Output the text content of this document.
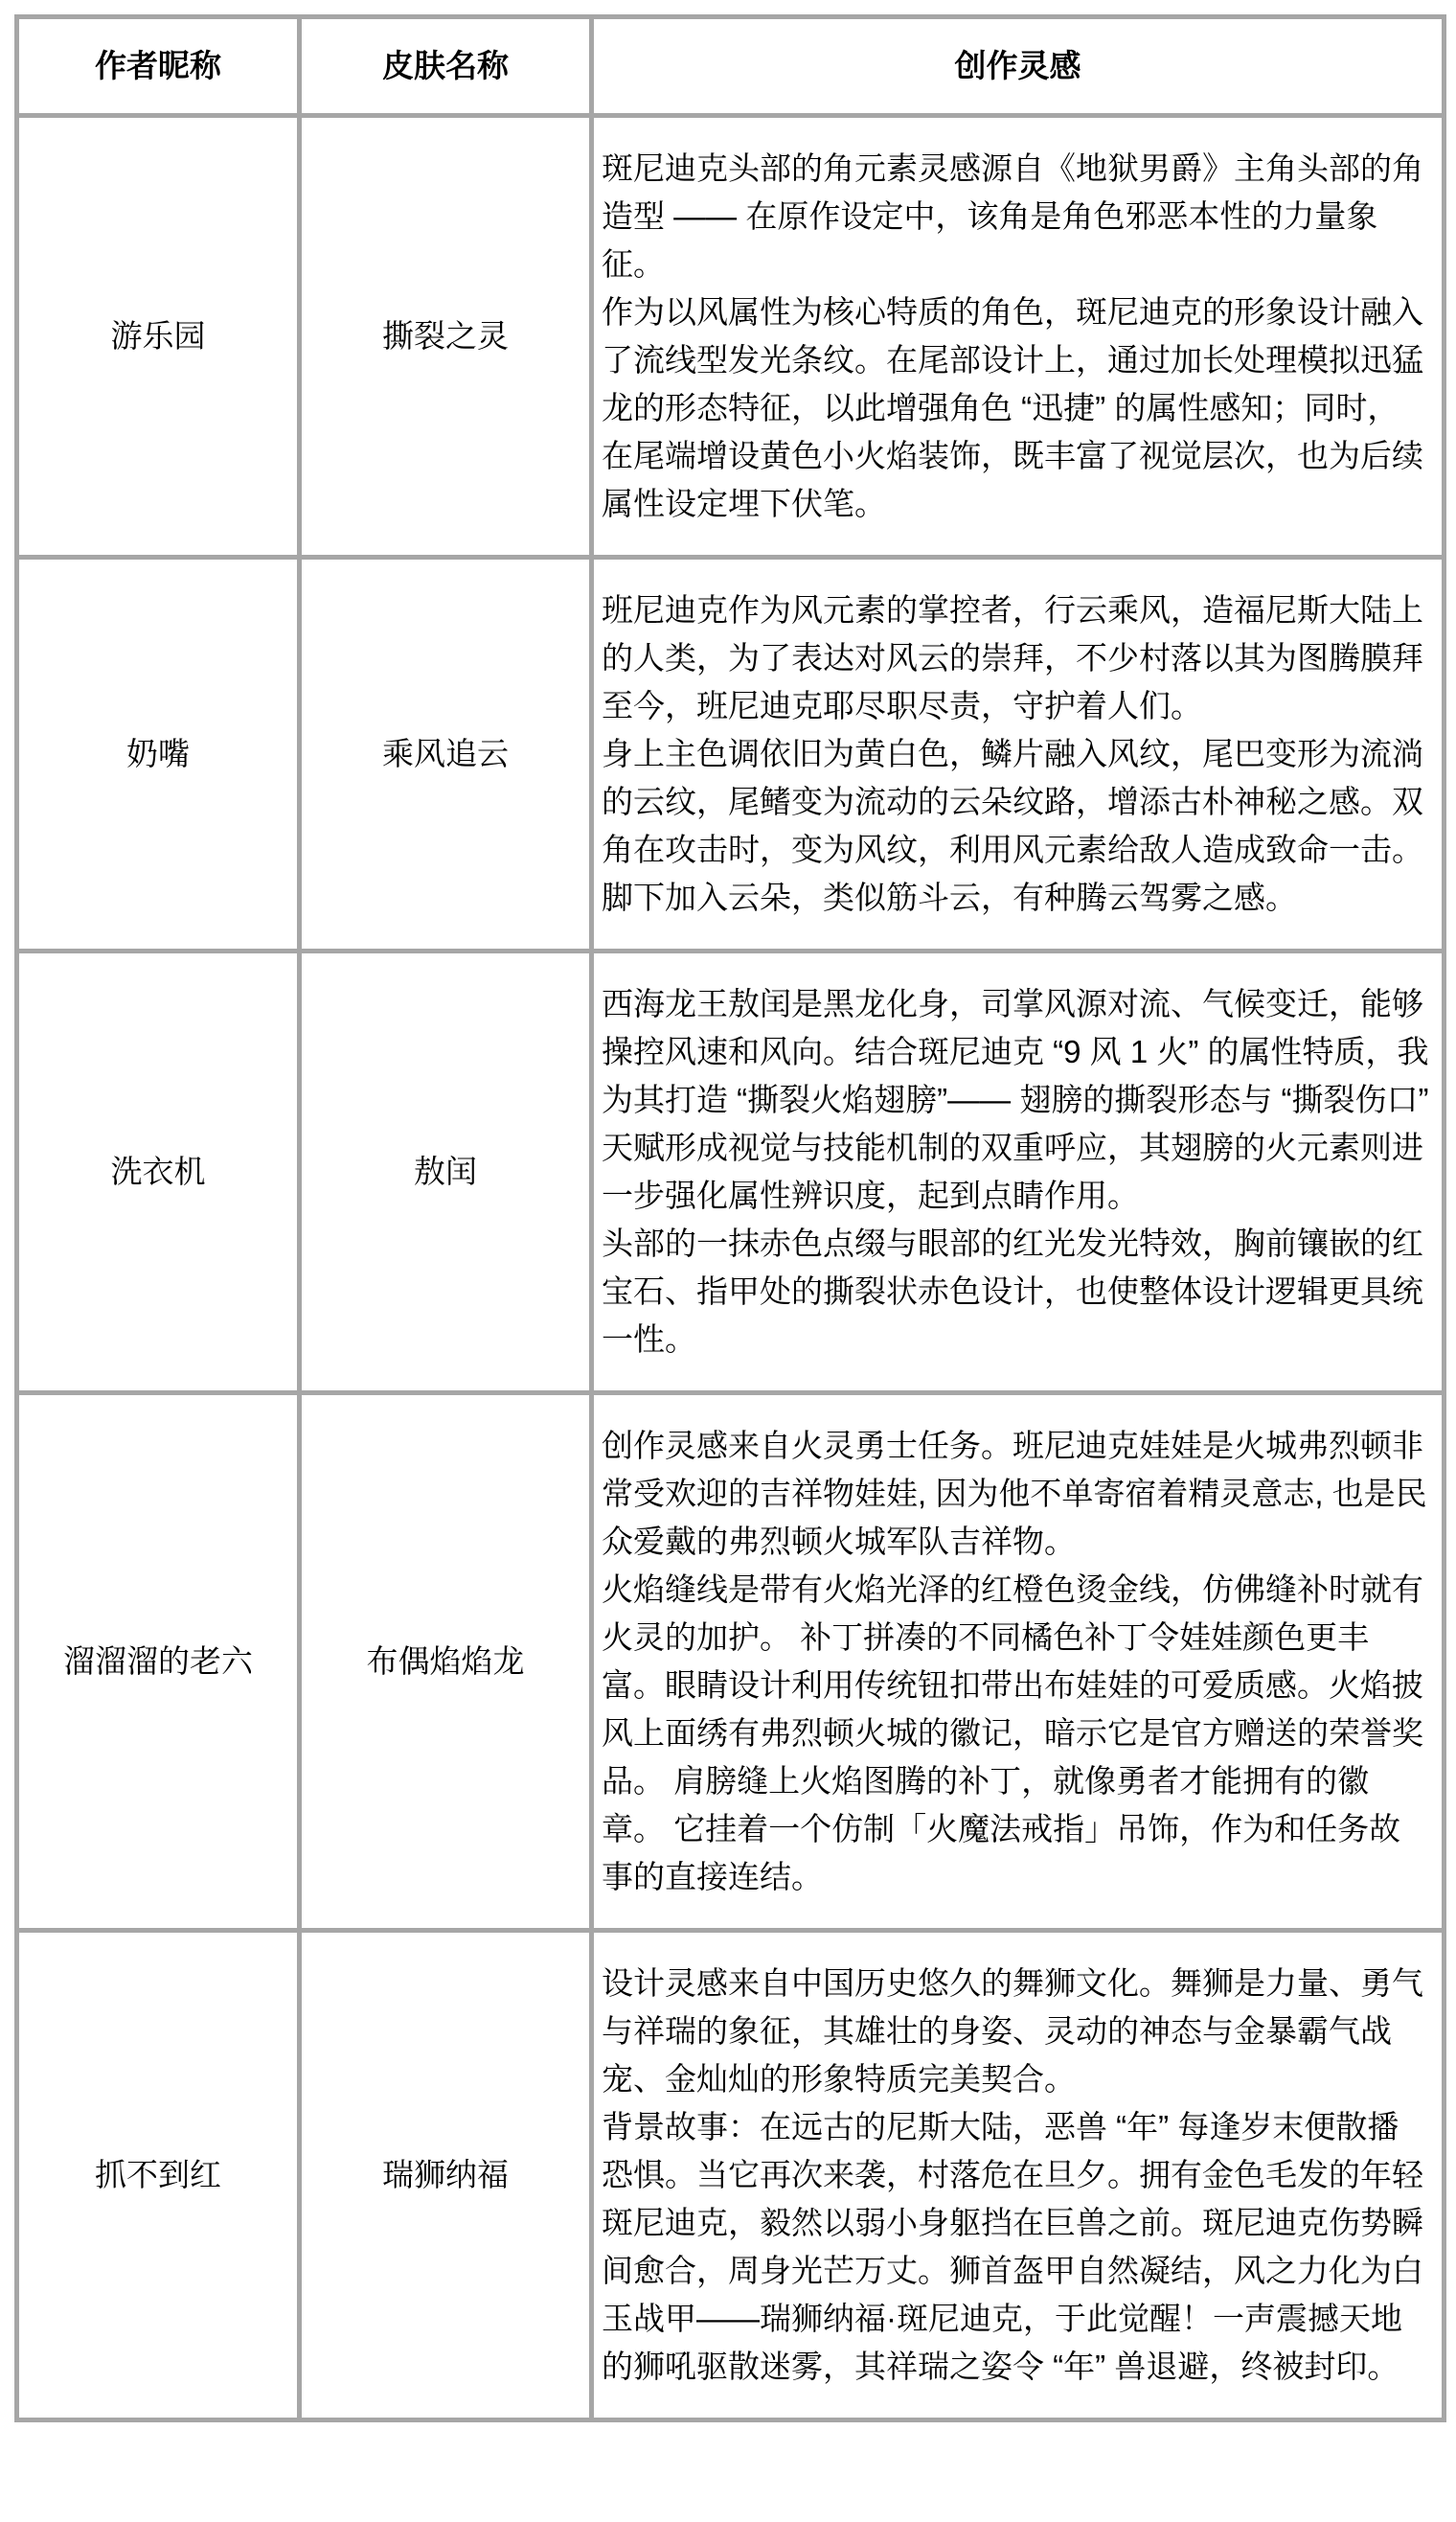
作者昵称	皮肤名称	创作灵感
游乐园	撕裂之灵	斑尼迪克头部的角元素灵感源自《地狱男爵》主角头部的角造型 —— 在原作设定中，该角是角色邪恶本性的力量象征。

作为以风属性为核心特质的角色，斑尼迪克的形象设计融入了流线型发光条纹。在尾部设计上，通过加长处理模拟迅猛龙的形态特征，以此增强角色 “迅捷” 的属性感知；同时，在尾端增设黄色小火焰装饰，既丰富了视觉层次，也为后续属性设定埋下伏笔。

奶嘴	乘风追云	班尼迪克作为风元素的掌控者，行云乘风，造福尼斯大陆上的人类，为了表达对风云的崇拜，不少村落以其为图腾膜拜至今，班尼迪克耶尽职尽责，守护着人们。

身上主色调依旧为黄白色，鳞片融入风纹，尾巴变形为流淌的云纹，尾鳍变为流动的云朵纹路，增添古朴神秘之感。双角在攻击时，变为风纹，利用风元素给敌人造成致命一击。脚下加入云朵，类似筋斗云，有种腾云驾雾之感。

洗衣机	敖闰	西海龙王敖闰是黑龙化身，司掌风源对流、气候变迁，能够操控风速和风向。结合斑尼迪克 “9 风 1 火” 的属性特质，我为其打造 “撕裂火焰翅膀”—— 翅膀的撕裂形态与 “撕裂伤口” 天赋形成视觉与技能机制的双重呼应，其翅膀的火元素则进一步强化属性辨识度，起到点睛作用。

头部的一抹赤色点缀与眼部的红光发光特效，胸前镶嵌的红宝石、指甲处的撕裂状赤色设计，也使整体设计逻辑更具统一性。

溜溜溜的老六	布偶焰焰龙	创作灵感来自火灵勇士任务。班尼迪克娃娃是火城弗烈顿非常受欢迎的吉祥物娃娃, 因为他不单寄宿着精灵意志, 也是民众爱戴的弗烈顿火城军队吉祥物。

火焰缝线是带有火焰光泽的红橙色烫金线，仿佛缝补时就有火灵的加护。 补丁拼凑的不同橘色补丁令娃娃颜色更丰富。眼睛设计利用传统钮扣带出布娃娃的可爱质感。火焰披风上面绣有弗烈顿火城的徽记，暗示它是官方赠送的荣誉奖品。 肩膀缝上火焰图腾的补丁，就像勇者才能拥有的徽章。 它挂着一个仿制「火魔法戒指」吊饰，作为和任务故事的直接连结。

抓不到红	瑞狮纳福	设计灵感来自中国历史悠久的舞狮文化。舞狮是力量、勇气与祥瑞的象征，其雄壮的身姿、灵动的神态与金暴霸气战宠、金灿灿的形象特质完美契合。

背景故事：在远古的尼斯大陆，恶兽 “年” 每逢岁末便散播恐惧。当它再次来袭，村落危在旦夕。拥有金色毛发的年轻斑尼迪克，毅然以弱小身躯挡在巨兽之前。斑尼迪克伤势瞬间愈合，周身光芒万丈。狮首盔甲自然凝结，风之力化为白玉战甲——瑞狮纳福·斑尼迪克，于此觉醒！一声震撼天地的狮吼驱散迷雾，其祥瑞之姿令 “年” 兽退避，终被封印。
